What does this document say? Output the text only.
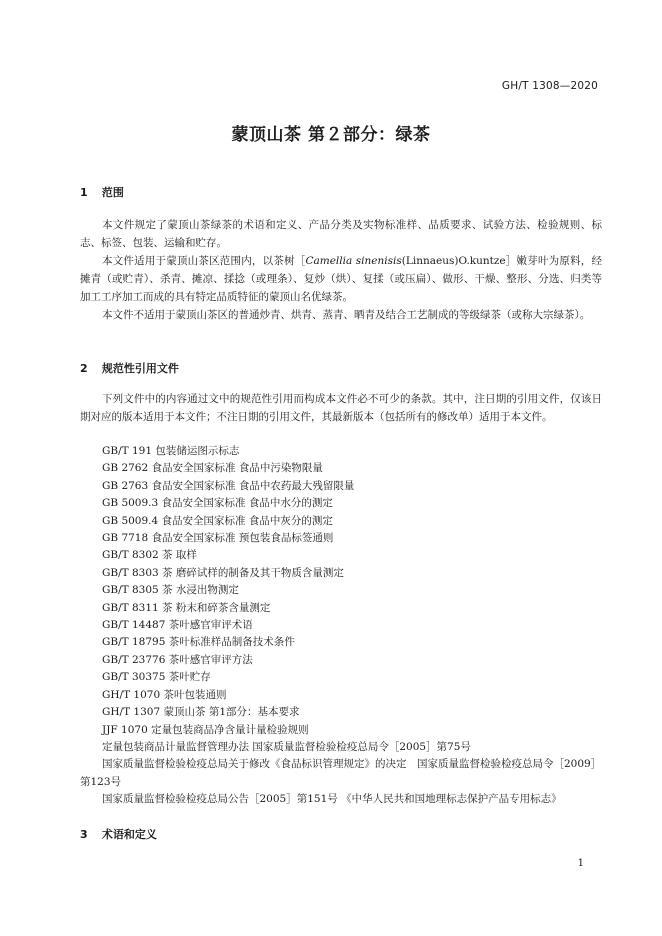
GH/T 1308—2020
蒙顶山茶 第２部分：绿茶
1 范围

本文件规定了蒙顶山茶绿茶的术语和定义、产品分类及实物标准样、品质要求、试验方法、检验规则、标志、标签、包装、运输和贮存。

本文件适用于蒙顶山茶区范围内，以茶树［Camellia sinenisis(Linnaeus)O.kuntze］嫩芽叶为原料，经摊青（或贮青）、杀青、摊凉、揉捻（或理条）、复炒（烘）、复揉（或压扁）、做形、干燥、整形、分选、归类等加工工序加工而成的具有特定品质特征的蒙顶山名优绿茶。

本文件不适用于蒙顶山茶区的普通炒青、烘青、蒸青、晒青及结合工艺制成的等级绿茶（或称大宗绿茶）。

2 规范性引用文件

下列文件中的内容通过文中的规范性引用而构成本文件必不可少的条款。其中，注日期的引用文件，仅该日期对应的版本适用于本文件；不注日期的引用文件，其最新版本（包括所有的修改单）适用于本文件。

GB/T 191 包装储运图示标志
GB 2762 食品安全国家标准 食品中污染物限量
GB 2763 食品安全国家标准 食品中农药最大残留限量
GB 5009.3 食品安全国家标准 食品中水分的测定
GB 5009.4 食品安全国家标准 食品中灰分的测定
GB 7718 食品安全国家标准 预包装食品标签通则
GB/T 8302 茶 取样
GB/T 8303 茶 磨碎试样的制备及其干物质含量测定
GB/T 8305 茶 水浸出物测定
GB/T 8311 茶 粉末和碎茶含量测定
GB/T 14487 茶叶感官审评术语
GB/T 18795 茶叶标准样品制备技术条件
GB/T 23776 茶叶感官审评方法
GB/T 30375 茶叶贮存
GH/T 1070 茶叶包装通则
GH/T 1307 蒙顶山茶 第1部分：基本要求
JJF 1070 定量包装商品净含量计量检验规则
定量包装商品计量监督管理办法 国家质量监督检验检疫总局令［2005］第75号
国家质量监督检验检疫总局关于修改《食品标识管理规定》的决定　国家质量监督检验检疫总局令［2009］第123号
国家质量监督检验检疫总局公告［2005］第151号 《中华人民共和国地理标志保护产品专用标志》
3 术语和定义
1
